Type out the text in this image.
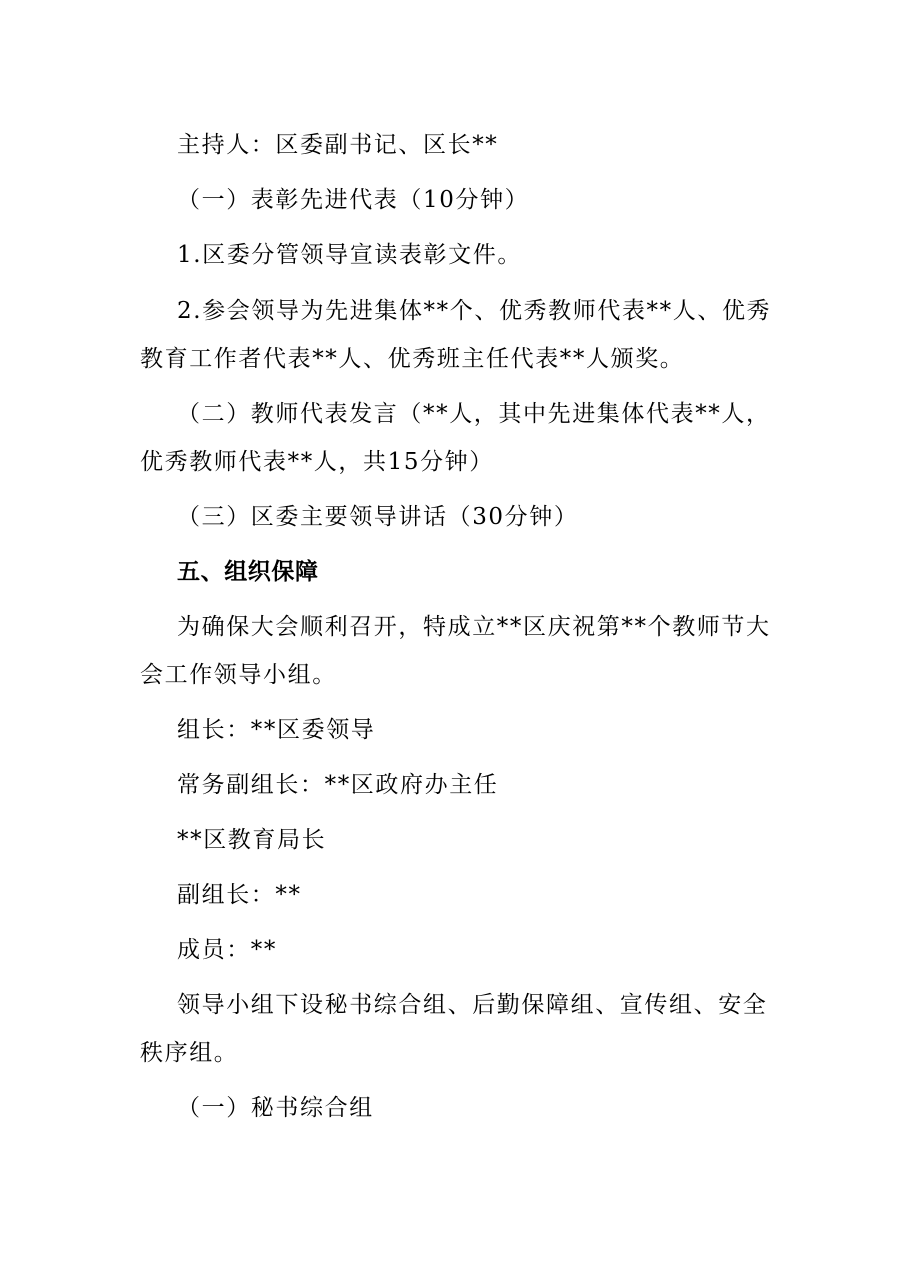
主持人：区委副书记、区长**
（一）表彰先进代表（10分钟）
1.区委分管领导宣读表彰文件。
2.参会领导为先进集体**个、优秀教师代表**人、优秀
教育工作者代表**人、优秀班主任代表**人颁奖。
（二）教师代表发言（**人，其中先进集体代表**人，
优秀教师代表**人，共15分钟）
（三）区委主要领导讲话（30分钟）
五、组织保障
为确保大会顺利召开，特成立**区庆祝第**个教师节大
会工作领导小组。
组长：**区委领导
常务副组长：**区政府办主任
**区教育局长
副组长：**
成员：**
领导小组下设秘书综合组、后勤保障组、宣传组、安全
秩序组。
（一）秘书综合组
